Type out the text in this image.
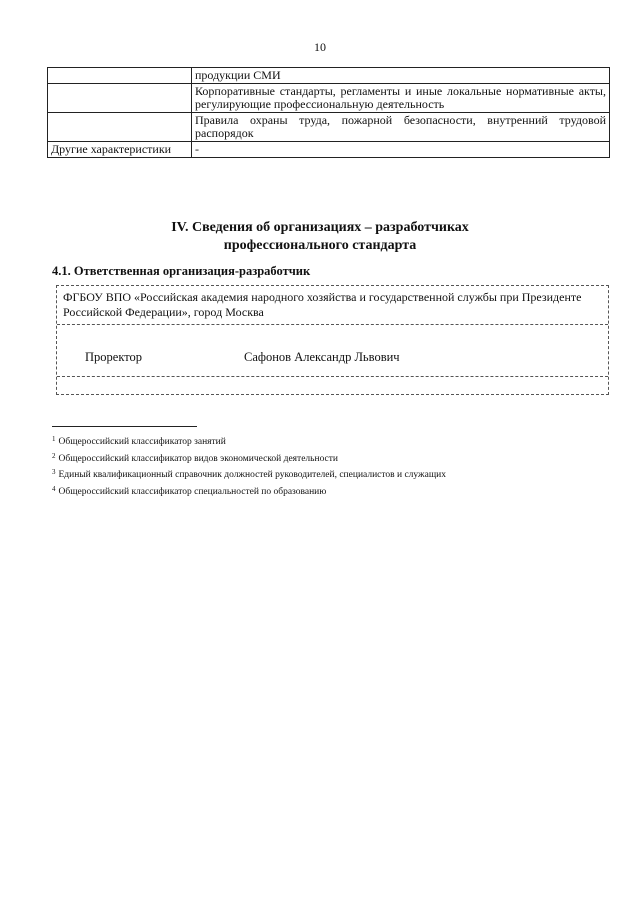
10
	продукции СМИ
	Корпоративные стандарты, регламенты и иные локальные нормативные акты, регулирующие профессиональную деятельность
	Правила охраны труда, пожарной безопасности, внутренний трудовой распорядок
Другие характеристики	-
IV. Сведения об организациях – разработчиках
профессионального стандарта
4.1. Ответственная организация-разработчик
ФГБОУ ВПО «Российская академия народного хозяйства и государственной службы при Президенте Российской Федерации», город Москва
Проректор	Сафонов Александр Львович
$^1$ Общероссийский классификатор занятий
$^2$ Общероссийский классификатор видов экономической деятельности
$^3$ Единый квалификационный справочник должностей руководителей, специалистов и служащих
$^4$ Общероссийский классификатор специальностей по образованию
